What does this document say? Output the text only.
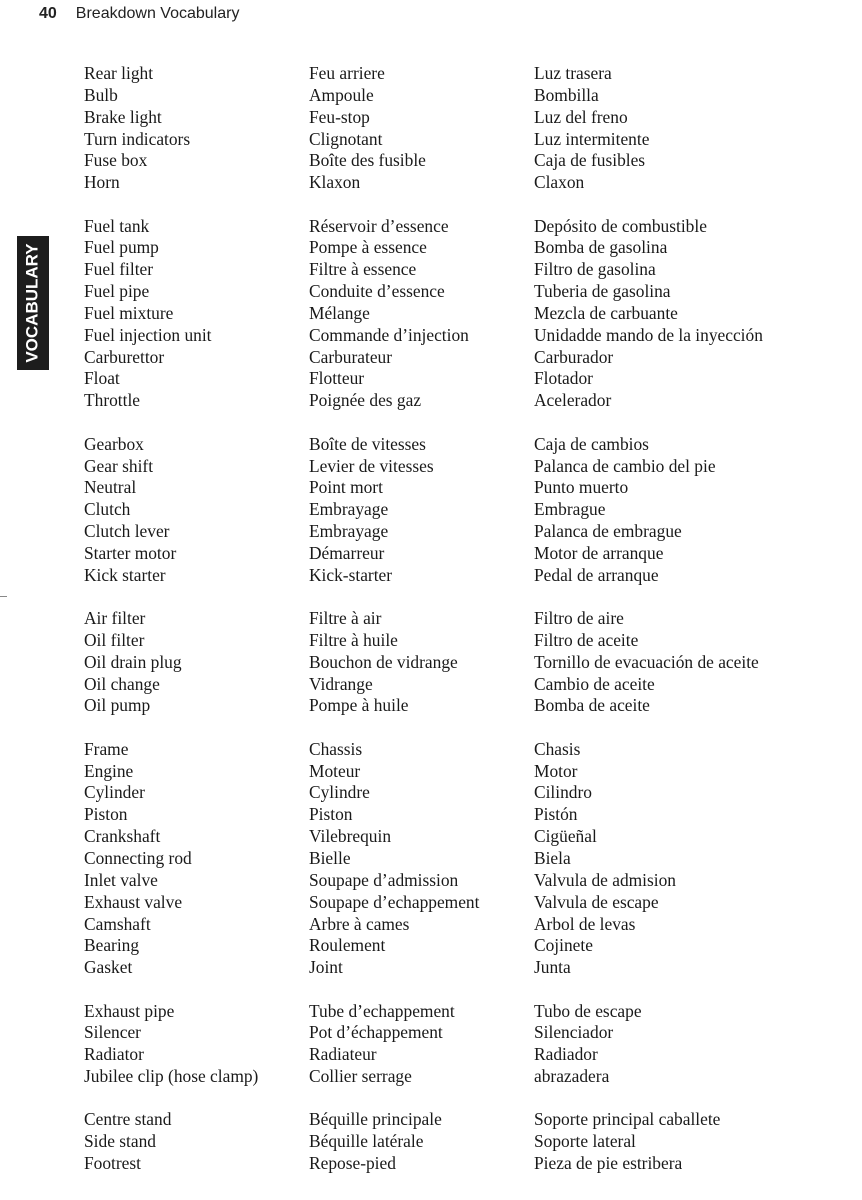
40 Breakdown Vocabulary
VOCABULARY
Rear light	Feu arriere	Luz trasera
Bulb	Ampoule	Bombilla
Brake light	Feu-stop	Luz del freno
Turn indicators	Clignotant	Luz intermitente
Fuse box	Boîte des fusible	Caja de fusibles
Horn	Klaxon	Claxon
Fuel tank	Réservoir d’essence	Depósito de combustible
Fuel pump	Pompe à essence	Bomba de gasolina
Fuel filter	Filtre à essence	Filtro de gasolina
Fuel pipe	Conduite d’essence	Tuberia de gasolina
Fuel mixture	Mélange	Mezcla de carbuante
Fuel injection unit	Commande d’injection	Unidadde mando de la inyección
Carburettor	Carburateur	Carburador
Float	Flotteur	Flotador
Throttle	Poignée des gaz	Acelerador
Gearbox	Boîte de vitesses	Caja de cambios
Gear shift	Levier de vitesses	Palanca de cambio del pie
Neutral	Point mort	Punto muerto
Clutch	Embrayage	Embrague
Clutch lever	Embrayage	Palanca de embrague
Starter motor	Démarreur	Motor de arranque
Kick starter	Kick-starter	Pedal de arranque
Air filter	Filtre à air	Filtro de aire
Oil filter	Filtre à huile	Filtro de aceite
Oil drain plug	Bouchon de vidrange	Tornillo de evacuación de aceite
Oil change	Vidrange	Cambio de aceite
Oil pump	Pompe à huile	Bomba de aceite
Frame	Chassis	Chasis
Engine	Moteur	Motor
Cylinder	Cylindre	Cilindro
Piston	Piston	Pistón
Crankshaft	Vilebrequin	Cigüeñal
Connecting rod	Bielle	Biela
Inlet valve	Soupape d’admission	Valvula de admision
Exhaust valve	Soupape d’echappement	Valvula de escape
Camshaft	Arbre à cames	Arbol de levas
Bearing	Roulement	Cojinete
Gasket	Joint	Junta
Exhaust pipe	Tube d’echappement	Tubo de escape
Silencer	Pot d’échappement	Silenciador
Radiator	Radiateur	Radiador
Jubilee clip (hose clamp)	Collier serrage	abrazadera
Centre stand	Béquille principale	Soporte principal caballete
Side stand	Béquille latérale	Soporte lateral
Footrest	Repose-pied	Pieza de pie estribera
